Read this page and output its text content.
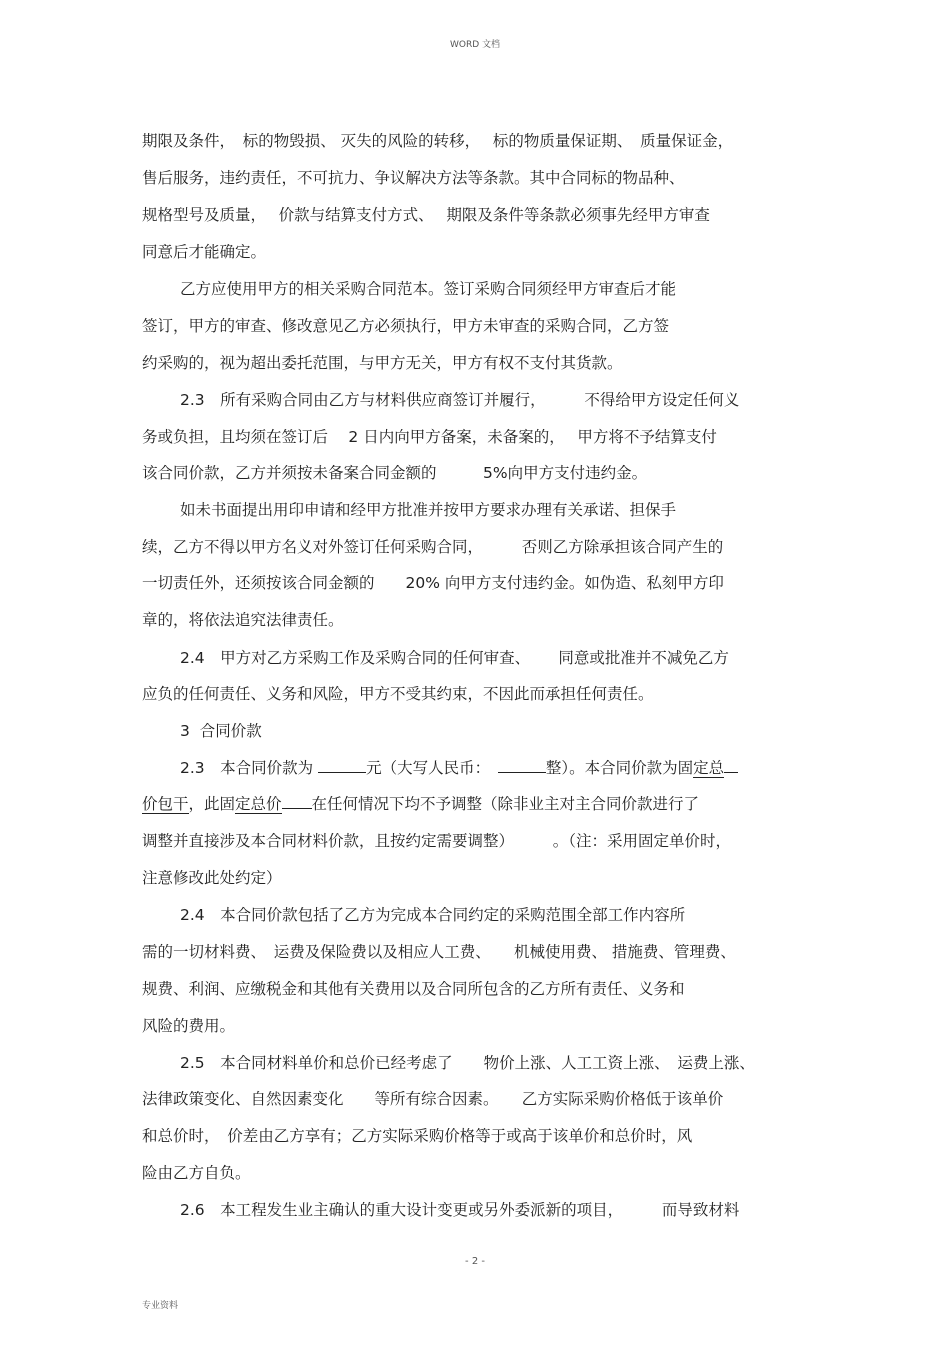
WORD 文档
期限及条件，　标的物毁损、 灭失的风险的转移，　 标的物质量保证期、　质量保证金，
售后服务，违约责任，不可抗力、争议解决方法等条款。其中合同标的物品种、
规格型号及质量，　 价款与结算支付方式、　 期限及条件等条款必须事先经甲方审查
同意后才能确定。
乙方应使用甲方的相关采购合同范本。签订采购合同须经甲方审查后才能
签订，甲方的审查、修改意见乙方必须执行，甲方未审查的采购合同，乙方签
约采购的，视为超出委托范围，与甲方无关，甲方有权不支付其货款。
2.3　所有采购合同由乙方与材料供应商签订并履行，　　　不得给甲方设定任何义
务或负担，且均须在签订后　 2 日内向甲方备案，未备案的，　 甲方将不予结算支付
该合同价款，乙方并须按未备案合同金额的　　　5%向甲方支付违约金。
如未书面提出用印申请和经甲方批准并按甲方要求办理有关承诺、担保手
续，乙方不得以甲方名义对外签订任何采购合同，　　　否则乙方除承担该合同产生的
一切责任外，还须按该合同金额的　　20% 向甲方支付违约金。如伪造、私刻甲方印
章的，将依法追究法律责任。
2.4　甲方对乙方采购工作及采购合同的任何审查、　　 同意或批准并不减免乙方
应负的任何责任、义务和风险，甲方不受其约束，不因此而承担任何责任。
3  合同价款
2.3　本合同价款为	元（大写人民币：　	整）。本合同价款为固定总
价包干，此固定总价 在任何情况下均不予调整（除非业主对主合同价款进行了
调整并直接涉及本合同材料价款，且按约定需要调整）　　　。（注：采用固定单价时，
注意修改此处约定）
2.4　本合同价款包括了乙方为完成本合同约定的采购范围全部工作内容所
需的一切材料费、　运费及保险费以及相应人工费、　　机械使用费、 措施费、管理费、
规费、利润、应缴税金和其他有关费用以及合同所包含的乙方所有责任、义务和
风险的费用。
2.5　本合同材料单价和总价已经考虑了　　物价上涨、人工工资上涨、　运费上涨、
法律政策变化、自然因素变化　　等所有综合因素。　　乙方实际采购价格低于该单价
和总价时，　价差由乙方享有；乙方实际采购价格等于或高于该单价和总价时，风
险由乙方自负。
2.6　本工程发生业主确认的重大设计变更或另外委派新的项目，　　　而导致材料
- 2 -
专业资料
